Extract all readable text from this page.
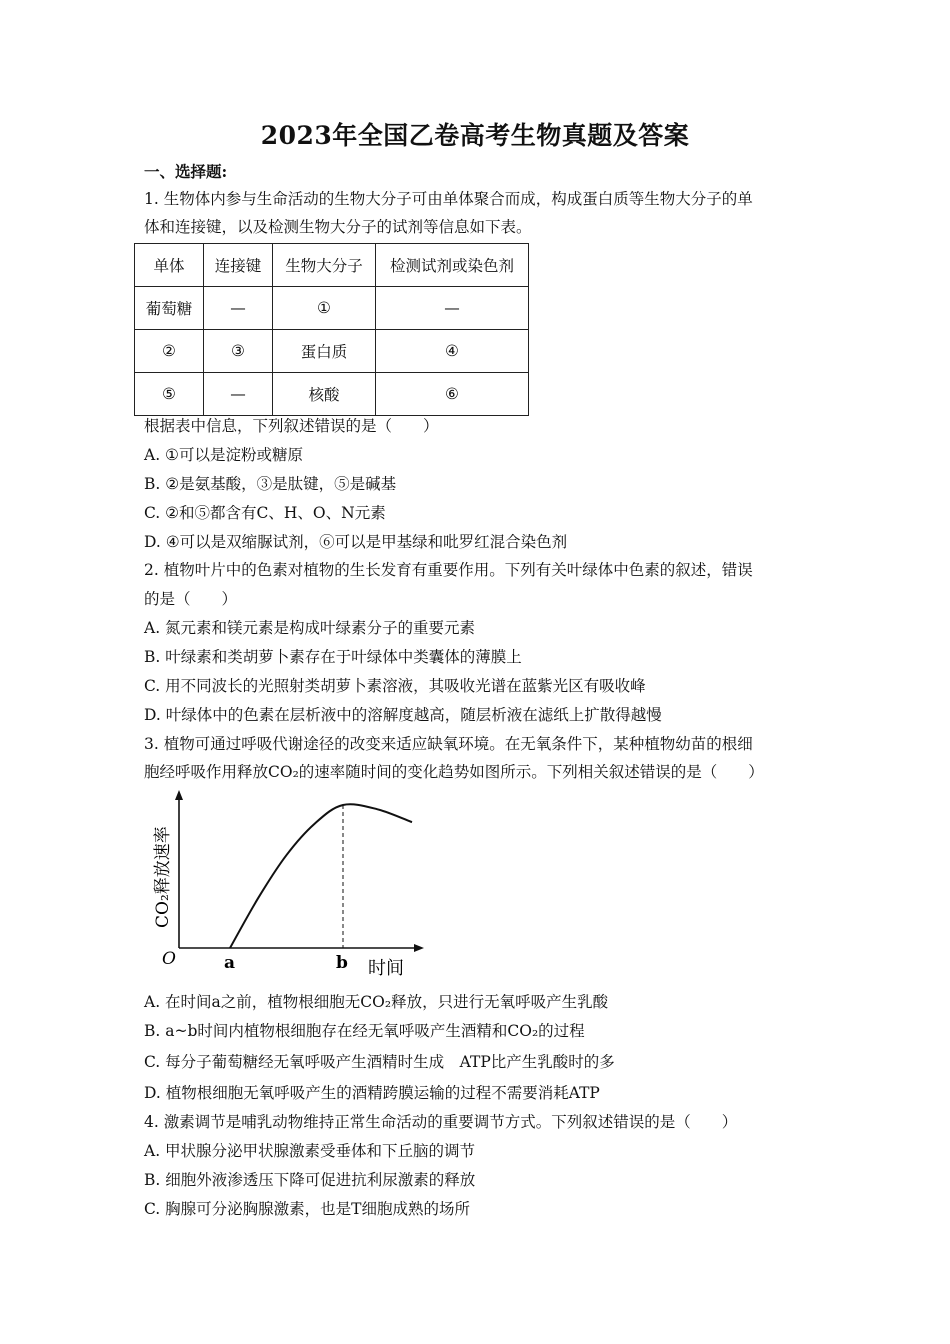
2023年全国乙卷高考生物真题及答案
一、选择题:
1. 生物体内参与生命活动的生物大分子可由单体聚合而成，构成蛋白质等生物大分子的单
体和连接键，以及检测生物大分子的试剂等信息如下表。
单体	连接键	生物大分子	检测试剂或染色剂
葡萄糖	—	①	—
②	③	蛋白质	④
⑤	—	核酸	⑥
根据表中信息，下列叙述错误的是（　　）
A. ①可以是淀粉或糖原
B. ②是氨基酸，③是肽键，⑤是碱基
C. ②和⑤都含有C、H、O、N元素
D. ④可以是双缩脲试剂，⑥可以是甲基绿和吡罗红混合染色剂
2. 植物叶片中的色素对植物的生长发育有重要作用。下列有关叶绿体中色素的叙述，错误
的是（　　）
A. 氮元素和镁元素是构成叶绿素分子的重要元素
B. 叶绿素和类胡萝卜素存在于叶绿体中类囊体的薄膜上
C. 用不同波长的光照射类胡萝卜素溶液，其吸收光谱在蓝紫光区有吸收峰
D. 叶绿体中的色素在层析液中的溶解度越高，随层析液在滤纸上扩散得越慢
3. 植物可通过呼吸代谢途径的改变来适应缺氧环境。在无氧条件下，某种植物幼苗的根细
胞经呼吸作用释放CO₂的速率随时间的变化趋势如图所示。下列相关叙述错误的是（　　）
O	a	b 时间
CO₂释放速率
A. 在时间a之前，植物根细胞无CO₂释放，只进行无氧呼吸产生乳酸
B. a~b时间内植物根细胞存在经无氧呼吸产生酒精和CO₂的过程
C. 每分子葡萄糖经无氧呼吸产生酒精时生成　ATP比产生乳酸时的多
D. 植物根细胞无氧呼吸产生的酒精跨膜运输的过程不需要消耗ATP
4. 激素调节是哺乳动物维持正常生命活动的重要调节方式。下列叙述错误的是（　　）
A. 甲状腺分泌甲状腺激素受垂体和下丘脑的调节
B. 细胞外液渗透压下降可促进抗利尿激素的释放
C. 胸腺可分泌胸腺激素，也是T细胞成熟的场所
